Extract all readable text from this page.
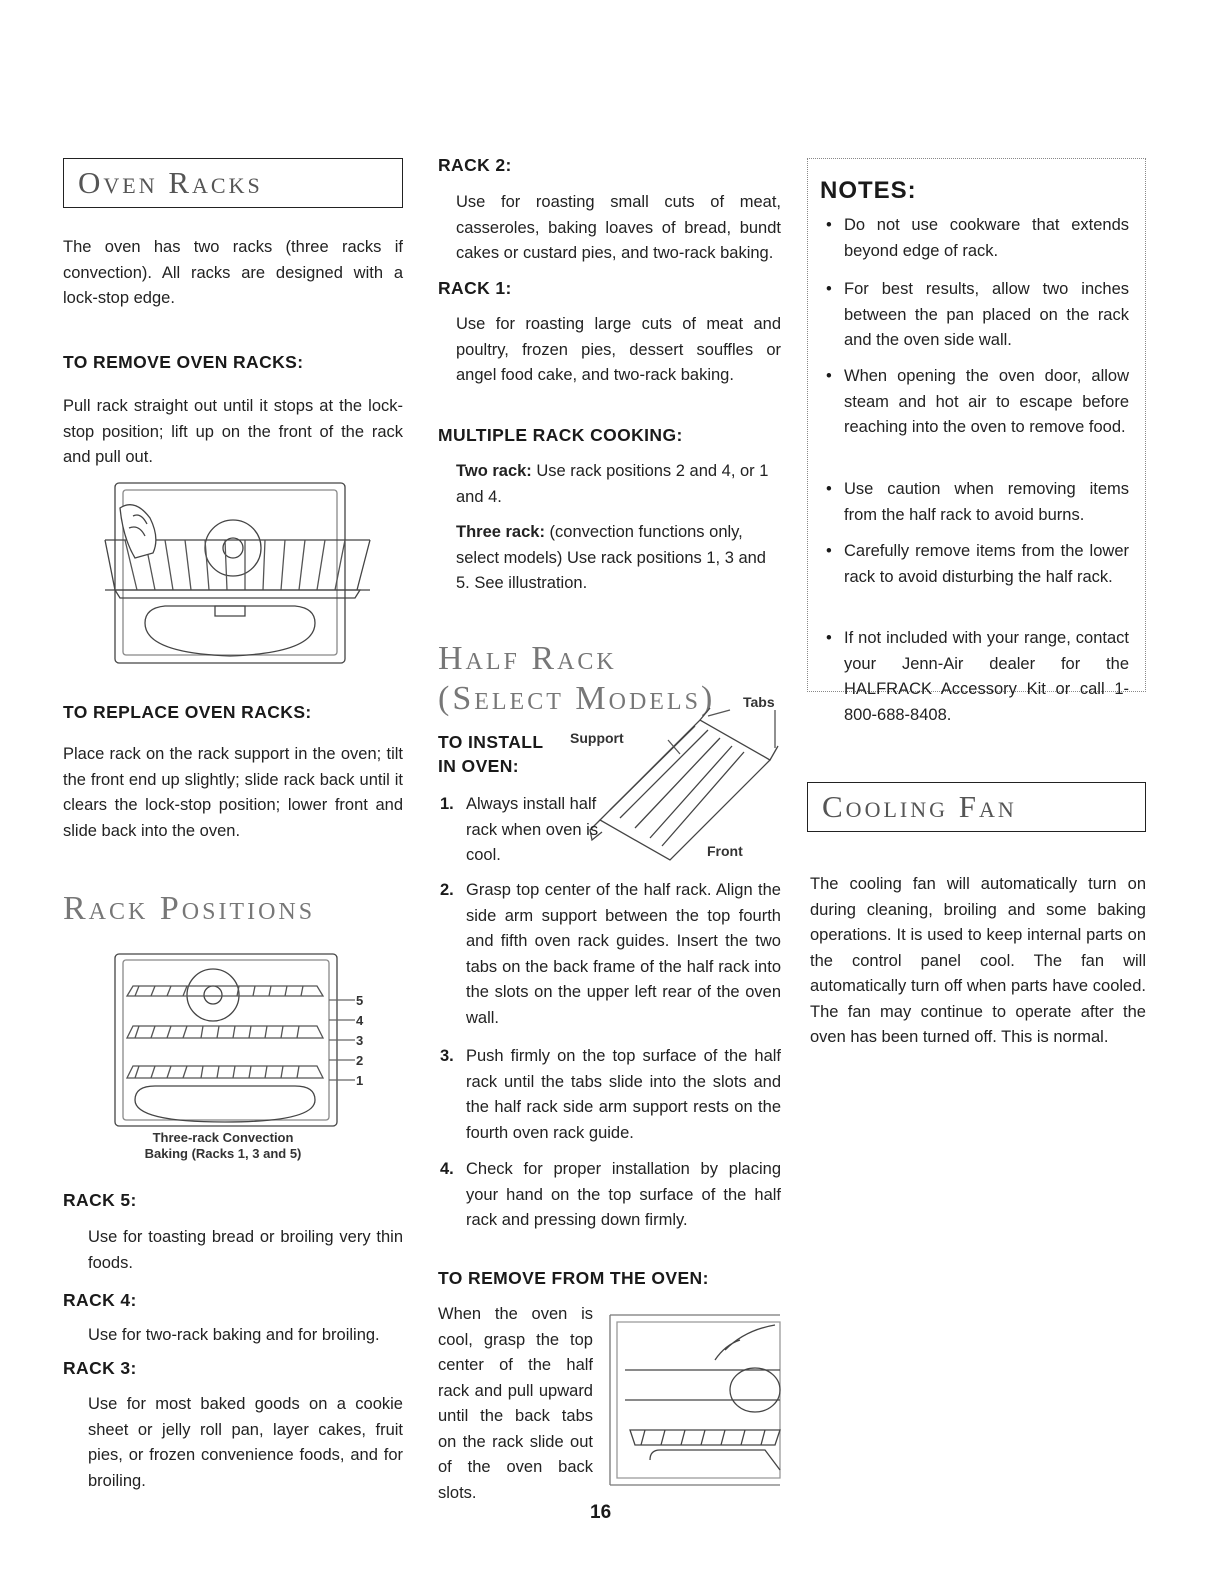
Oven Racks

The oven has two racks (three racks if convection). All racks are designed with a lock-stop edge.

TO REMOVE OVEN RACKS:

Pull rack straight out until it stops at the lock-stop position; lift up on the front of the rack and pull out.

TO REPLACE OVEN RACKS:

Place rack on the rack support in the oven; tilt the front end up slightly; slide rack back until it clears the lock-stop position; lower front and slide back into the oven.

Rack Positions
5
4
3
2
1
Three-rack Convection
Baking (Racks 1, 3 and 5)
RACK 5:

Use for toasting bread or broiling very thin foods.

RACK 4:

Use for two-rack baking and for broiling.

RACK 3:

Use for most baked goods on a cookie sheet or jelly roll pan, layer cakes, fruit pies, or frozen convenience foods, and for broiling.

RACK 2:

Use for roasting small cuts of meat, casseroles, baking loaves of bread, bundt cakes or custard pies, and two-rack baking.

RACK 1:

Use for roasting large cuts of meat and poultry, frozen pies, dessert souffles or angel food cake, and two-rack baking.

MULTIPLE RACK COOKING:

Two rack: Use rack positions 2 and 4, or 1 and 4.

Three rack: (convection functions only, select models) Use rack positions 1, 3 and 5. See illustration.

Half Rack
(Select Models)
TO INSTALL
IN OVEN:
Tabs
Support
Front
1. Always install half rack when oven is cool.

2. Grasp top center of the half rack. Align the side arm support between the top fourth and fifth oven rack guides. Insert the two tabs on the back frame of the half rack into the slots on the upper left rear of the oven wall.

3. Push firmly on the top surface of the half rack until the tabs slide into the slots and the half rack side arm support rests on the fourth oven rack guide.

4. Check for proper installation by placing your hand on the top surface of the half rack and pressing down firmly.

TO REMOVE FROM THE OVEN:

When the oven is cool, grasp the top center of the half rack and pull upward until the back tabs on the rack slide out of the oven back slots.

16
NOTES:
• Do not use cookware that extends beyond edge of rack.

• For best results, allow two inches between the pan placed on the rack and the oven side wall.

• When opening the oven door, allow steam and hot air to escape before reaching into the oven to remove food.

• Use caution when removing items from the half rack to avoid burns.

• Carefully remove items from the lower rack to avoid disturbing the half rack.

• If not included with your range, contact your Jenn-Air dealer for the HALFRACK Accessory Kit or call 1-800-688-8408.

Cooling Fan

The cooling fan will automatically turn on during cleaning, broiling and some baking operations. It is used to keep internal parts on the control panel cool. The fan will automatically turn off when parts have cooled. The fan may continue to operate after the oven has been turned off. This is normal.
